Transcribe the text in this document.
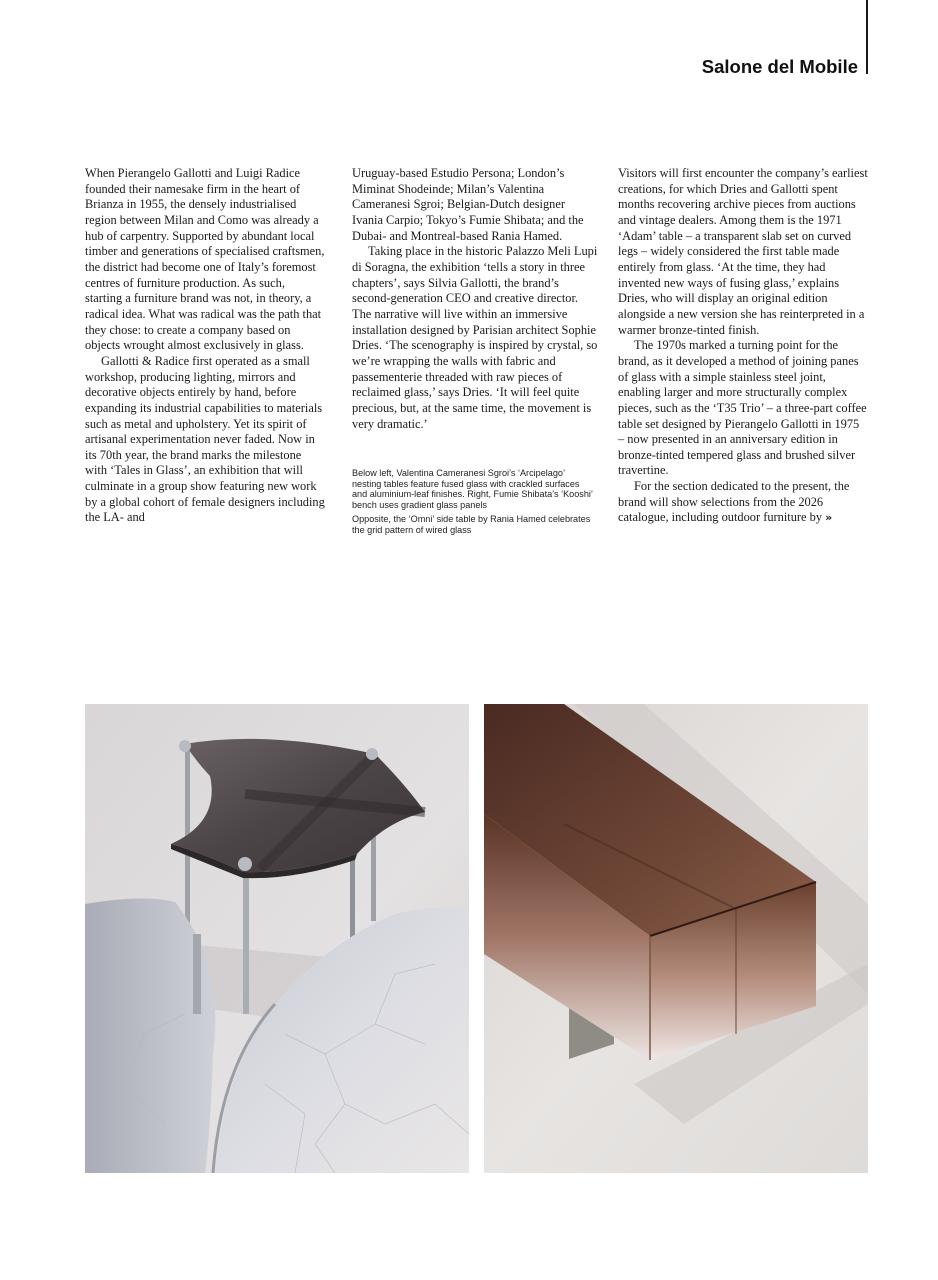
Salone del Mobile

When Pierangelo Gallotti and Luigi Radice founded their namesake firm in the heart of Brianza in 1955, the densely industrialised region between Milan and Como was already a hub of carpentry. Supported by abundant local timber and generations of specialised craftsmen, the district had become one of Italy’s foremost centres of furniture production. As such, starting a furniture brand was not, in theory, a radical idea. What was radical was the path that they chose: to create a company based on objects wrought almost exclusively in glass.

Gallotti & Radice first operated as a small workshop, producing lighting, mirrors and decorative objects entirely by hand, before expanding its industrial capabilities to materials such as metal and upholstery. Yet its spirit of artisanal experimentation never faded. Now in its 70th year, the brand marks the milestone with ‘Tales in Glass’, an exhibition that will culminate in a group show featuring new work by a global cohort of female designers including the LA- and

Uruguay-based Estudio Persona; London’s Miminat Shodeinde; Milan’s Valentina Cameranesi Sgroi; Belgian-Dutch designer Ivania Carpio; Tokyo’s Fumie Shibata; and the Dubai- and Montreal-based Rania Hamed.

Taking place in the historic Palazzo Meli Lupi di Soragna, the exhibition ‘tells a story in three chapters’, says Silvia Gallotti, the brand’s second-generation CEO and creative director. The narrative will live within an immersive installation designed by Parisian architect Sophie Dries. ‘The scenography is inspired by crystal, so we’re wrapping the walls with fabric and passementerie threaded with raw pieces of reclaimed glass,’ says Dries. ‘It will feel quite precious, but, at the same time, the movement is very dramatic.’

Below left, Valentina Cameranesi Sgroi’s ‘Arcipelago’ nesting tables feature fused glass with crackled surfaces and aluminium-leaf finishes. Right, Fumie Shibata’s ‘Kooshi’ bench uses gradient glass panels

Opposite, the ‘Omni’ side table by Rania Hamed celebrates the grid pattern of wired glass

Visitors will first encounter the company’s earliest creations, for which Dries and Gallotti spent months recovering archive pieces from auctions and vintage dealers. Among them is the 1971 ‘Adam’ table – a transparent slab set on curved legs – widely considered the first table made entirely from glass. ‘At the time, they had invented new ways of fusing glass,’ explains Dries, who will display an original edition alongside a new version she has reinterpreted in a warmer bronze-tinted finish.

The 1970s marked a turning point for the brand, as it developed a method of joining panes of glass with a simple stainless steel joint, enabling larger and more structurally complex pieces, such as the ‘T35 Trio’ – a three-part coffee table set designed by Pierangelo Gallotti in 1975 – now presented in an anniversary edition in bronze-tinted tempered glass and brushed silver travertine.

For the section dedicated to the present, the brand will show selections from the 2026 catalogue, including outdoor furniture by »
